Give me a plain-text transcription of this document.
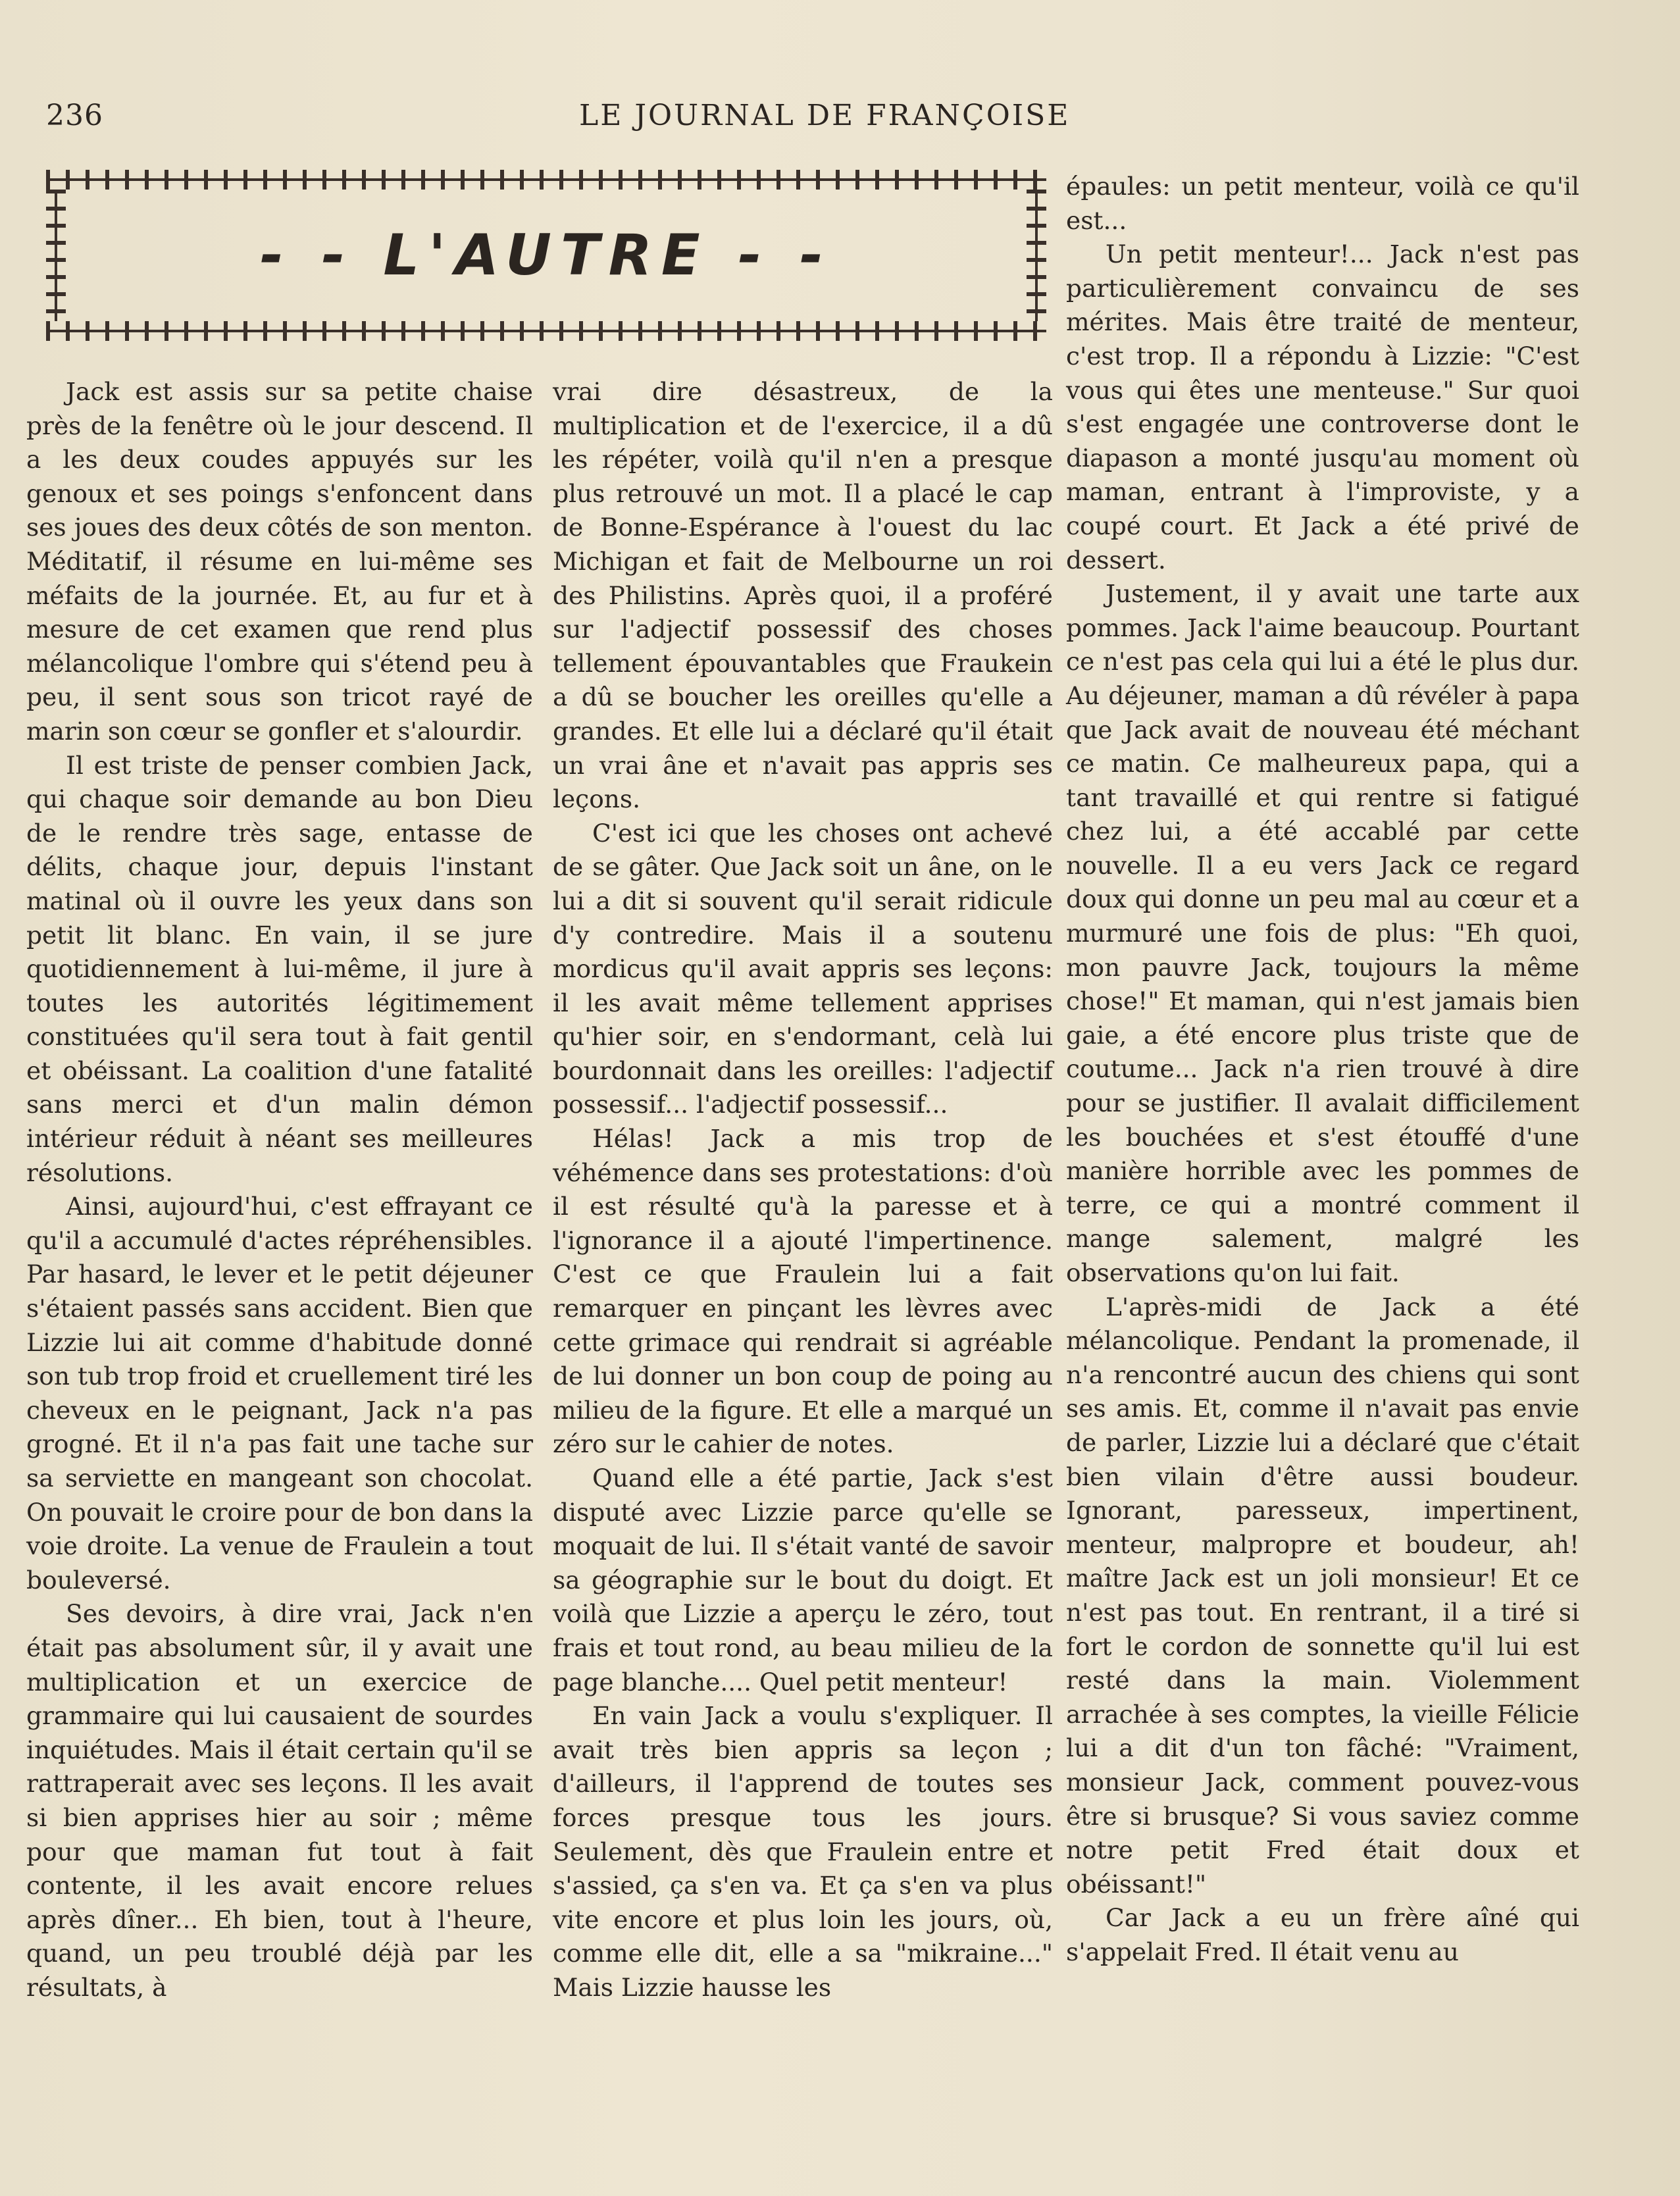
236	LE JOURNAL DE FRANÇOISE
- - L'AUTRE - -

Jack est assis sur sa petite chaise près de la fenêtre où le jour descend. Il a les deux coudes appuyés sur les genoux et ses poings s'enfoncent dans ses joues des deux côtés de son menton. Méditatif, il résume en lui-même ses méfaits de la journée. Et, au fur et à mesure de cet examen que rend plus mélancolique l'ombre qui s'étend peu à peu, il sent sous son tricot rayé de marin son cœur se gonfler et s'alourdir.

Il est triste de penser combien Jack, qui chaque soir demande au bon Dieu de le rendre très sage, entasse de délits, chaque jour, depuis l'instant matinal où il ouvre les yeux dans son petit lit blanc. En vain, il se jure quotidiennement à lui-même, il jure à toutes les autorités légitimement constituées qu'il sera tout à fait gentil et obéissant. La coalition d'une fatalité sans merci et d'un malin démon intérieur réduit à néant ses meilleures résolutions.

Ainsi, aujourd'hui, c'est effrayant ce qu'il a accumulé d'actes répréhensibles. Par hasard, le lever et le petit déjeuner s'étaient passés sans accident. Bien que Lizzie lui ait comme d'habitude donné son tub trop froid et cruellement tiré les cheveux en le peignant, Jack n'a pas grogné. Et il n'a pas fait une tache sur sa serviette en mangeant son chocolat. On pouvait le croire pour de bon dans la voie droite. La venue de Fraulein a tout bouleversé.

Ses devoirs, à dire vrai, Jack n'en était pas absolument sûr, il y avait une multiplication et un exercice de grammaire qui lui causaient de sourdes inquiétudes. Mais il était certain qu'il se rattraperait avec ses leçons. Il les avait si bien apprises hier au soir ; même pour que maman fut tout à fait contente, il les avait encore relues après dîner... Eh bien, tout à l'heure, quand, un peu troublé déjà par les résultats, à

vrai dire désastreux, de la multiplication et de l'exercice, il a dû les répéter, voilà qu'il n'en a presque plus retrouvé un mot. Il a placé le cap de Bonne-Espérance à l'ouest du lac Michigan et fait de Melbourne un roi des Philistins. Après quoi, il a proféré sur l'adjectif possessif des choses tellement épouvantables que Fraukein a dû se boucher les oreilles qu'elle a grandes. Et elle lui a déclaré qu'il était un vrai âne et n'avait pas appris ses leçons.

C'est ici que les choses ont achevé de se gâter. Que Jack soit un âne, on le lui a dit si souvent qu'il serait ridicule d'y contredire. Mais il a soutenu mordicus qu'il avait appris ses leçons: il les avait même tellement apprises qu'hier soir, en s'endormant, celà lui bourdonnait dans les oreilles: l'adjectif possessif... l'adjectif possessif...

Hélas! Jack a mis trop de véhémence dans ses protestations: d'où il est résulté qu'à la paresse et à l'ignorance il a ajouté l'impertinence. C'est ce que Fraulein lui a fait remarquer en pinçant les lèvres avec cette grimace qui rendrait si agréable de lui donner un bon coup de poing au milieu de la figure. Et elle a marqué un zéro sur le cahier de notes.

Quand elle a été partie, Jack s'est disputé avec Lizzie parce qu'elle se moquait de lui. Il s'était vanté de savoir sa géographie sur le bout du doigt. Et voilà que Lizzie a aperçu le zéro, tout frais et tout rond, au beau milieu de la page blanche.... Quel petit menteur!

En vain Jack a voulu s'expliquer. Il avait très bien appris sa leçon ; d'ailleurs, il l'apprend de toutes ses forces presque tous les jours. Seulement, dès que Fraulein entre et s'assied, ça s'en va. Et ça s'en va plus vite encore et plus loin les jours, où, comme elle dit, elle a sa "mikraine..." Mais Lizzie hausse les

épaules: un petit menteur, voilà ce qu'il est...

Un petit menteur!... Jack n'est pas particulièrement convaincu de ses mérites. Mais être traité de menteur, c'est trop. Il a répondu à Lizzie: "C'est vous qui êtes une menteuse." Sur quoi s'est engagée une controverse dont le diapason a monté jusqu'au moment où maman, entrant à l'improviste, y a coupé court. Et Jack a été privé de dessert.

Justement, il y avait une tarte aux pommes. Jack l'aime beaucoup. Pourtant ce n'est pas cela qui lui a été le plus dur. Au déjeuner, maman a dû révéler à papa que Jack avait de nouveau été méchant ce matin. Ce malheureux papa, qui a tant travaillé et qui rentre si fatigué chez lui, a été accablé par cette nouvelle. Il a eu vers Jack ce regard doux qui donne un peu mal au cœur et a murmuré une fois de plus: "Eh quoi, mon pauvre Jack, toujours la même chose!" Et maman, qui n'est jamais bien gaie, a été encore plus triste que de coutume... Jack n'a rien trouvé à dire pour se justifier. Il avalait difficilement les bouchées et s'est étouffé d'une manière horrible avec les pommes de terre, ce qui a montré comment il mange salement, malgré les observations qu'on lui fait.

L'après-midi de Jack a été mélancolique. Pendant la promenade, il n'a rencontré aucun des chiens qui sont ses amis. Et, comme il n'avait pas envie de parler, Lizzie lui a déclaré que c'était bien vilain d'être aussi boudeur. Ignorant, paresseux, impertinent, menteur, malpropre et boudeur, ah! maître Jack est un joli monsieur! Et ce n'est pas tout. En rentrant, il a tiré si fort le cordon de sonnette qu'il lui est resté dans la main. Violemment arrachée à ses comptes, la vieille Félicie lui a dit d'un ton fâché: "Vraiment, monsieur Jack, comment pouvez-vous être si brusque? Si vous saviez comme notre petit Fred était doux et obéissant!"

Car Jack a eu un frère aîné qui s'appelait Fred. Il était venu au
